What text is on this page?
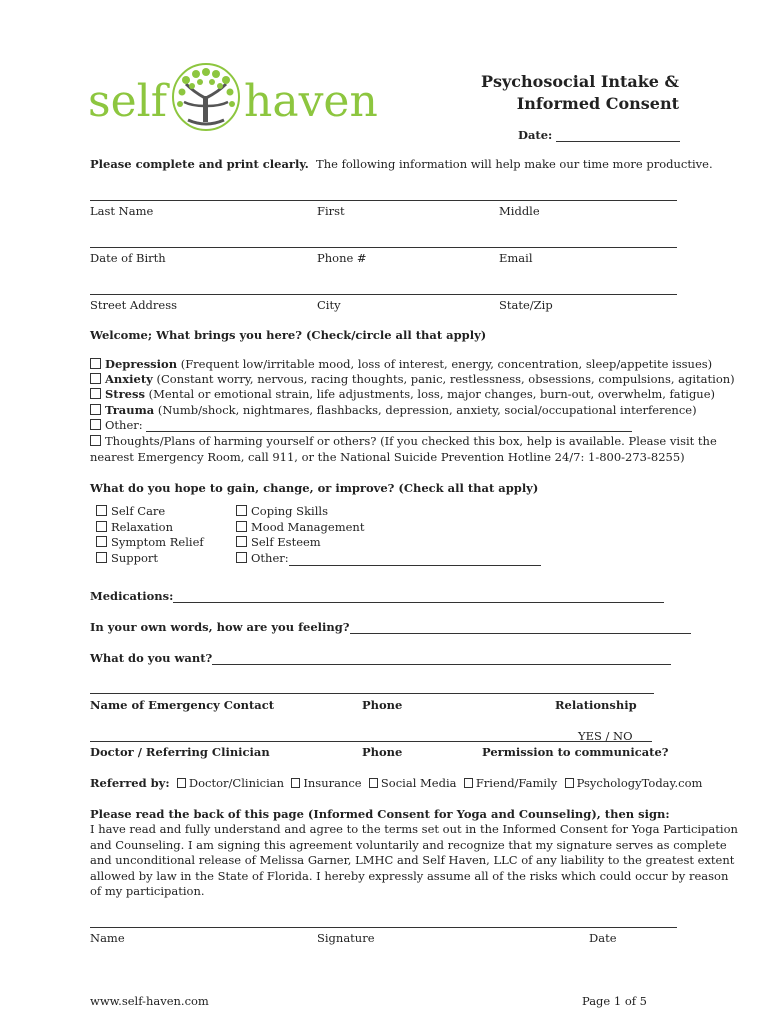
self haven	Psychosocial Intake &
Informed Consent
Date:
Please complete and print clearly. The following information will help make our time more productive.
Last Name	First	Middle
Date of Birth	Phone #	Email
Street Address	City	State/Zip
Welcome; What brings you here? (Check/circle all that apply)
Depression (Frequent low/irritable mood, loss of interest, energy, concentration, sleep/appetite issues)
Anxiety (Constant worry, nervous, racing thoughts, panic, restlessness, obsessions, compulsions, agitation)
Stress (Mental or emotional strain, life adjustments, loss, major changes, burn-out, overwhelm, fatigue)
Trauma (Numb/shock, nightmares, flashbacks, depression, anxiety, social/occupational interference)
Other:
Thoughts/Plans of harming yourself or others? (If you checked this box, help is available. Please visit the
nearest Emergency Room, call 911, or the National Suicide Prevention Hotline 24/7: 1-800-273-8255)
What do you hope to gain, change, or improve? (Check all that apply)
Self Care
Relaxation
Symptom Relief
Support
Coping Skills
Mood Management
Self Esteem
Other:
Medications:
In your own words, how are you feeling?
What do you want?
Name of Emergency Contact	Phone	Relationship
YES / NO
Doctor / Referring Clinician	Phone	Permission to communicate?
Referred by: Doctor/Clinician Insurance Social Media Friend/Family PsychologyToday.com
Please read the back of this page (Informed Consent for Yoga and Counseling), then sign:
I have read and fully understand and agree to the terms set out in the Informed Consent for Yoga Participation
and Counseling. I am signing this agreement voluntarily and recognize that my signature serves as complete
and unconditional release of Melissa Garner, LMHC and Self Haven, LLC of any liability to the greatest extent
allowed by law in the State of Florida. I hereby expressly assume all of the risks which could occur by reason
of my participation.
Name	Signature	Date
www.self-haven.com	Page 1 of 5
